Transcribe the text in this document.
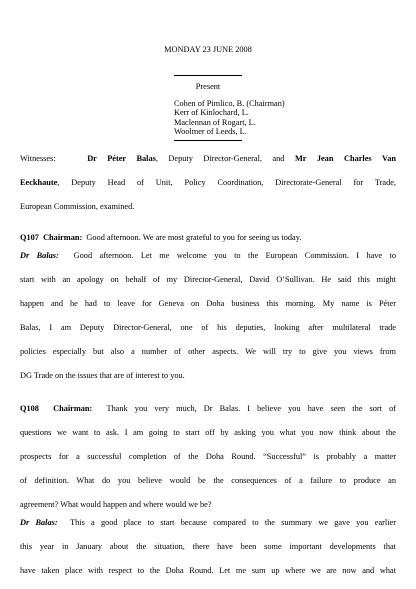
MONDAY 23 JUNE 2008
Present
Cohen of Pimlico, B. (Chairman)
Kerr of Kinlochard, L.
Maclennan of Rogart, L.
Woolmer of Leeds, L.
Witnesses:	Dr Péter Balas, Deputy Director-General, and Mr Jean Charles Van
Eeckhaute, Deputy Head of Unit, Policy Coordination, Directorate-General for Trade,
European Commission, examined.
Q107 Chairman: Good afternoon. We are most grateful to you for seeing us today.
Dr Balas: Good afternoon. Let me welcome you to the European Commission. I have to
start with an apology on behalf of my Director-General, David O’Sullivan. He said this might
happen and he had to leave for Geneva on Doha business this morning. My name is Péter
Balas, I am Deputy Director-General, one of his deputies, looking after multilateral trade
policies especially but also a number of other aspects. We will try to give you views from
DG Trade on the issues that are of interest to you.
Q108 Chairman: Thank you very much, Dr Balas. I believe you have seen the sort of
questions we want to ask. I am going to start off by asking you what you now think about the
prospects for a successful completion of the Doha Round. “Successful” is probably a matter
of definition. What do you believe would be the consequences of a failure to produce an
agreement? What would happen and where would we be?
Dr Balas: This a good place to start because compared to the summary we gave you earlier
this year in January about the situation, there have been some important developments that
have taken place with respect to the Doha Round. Let me sum up where we are now and what
